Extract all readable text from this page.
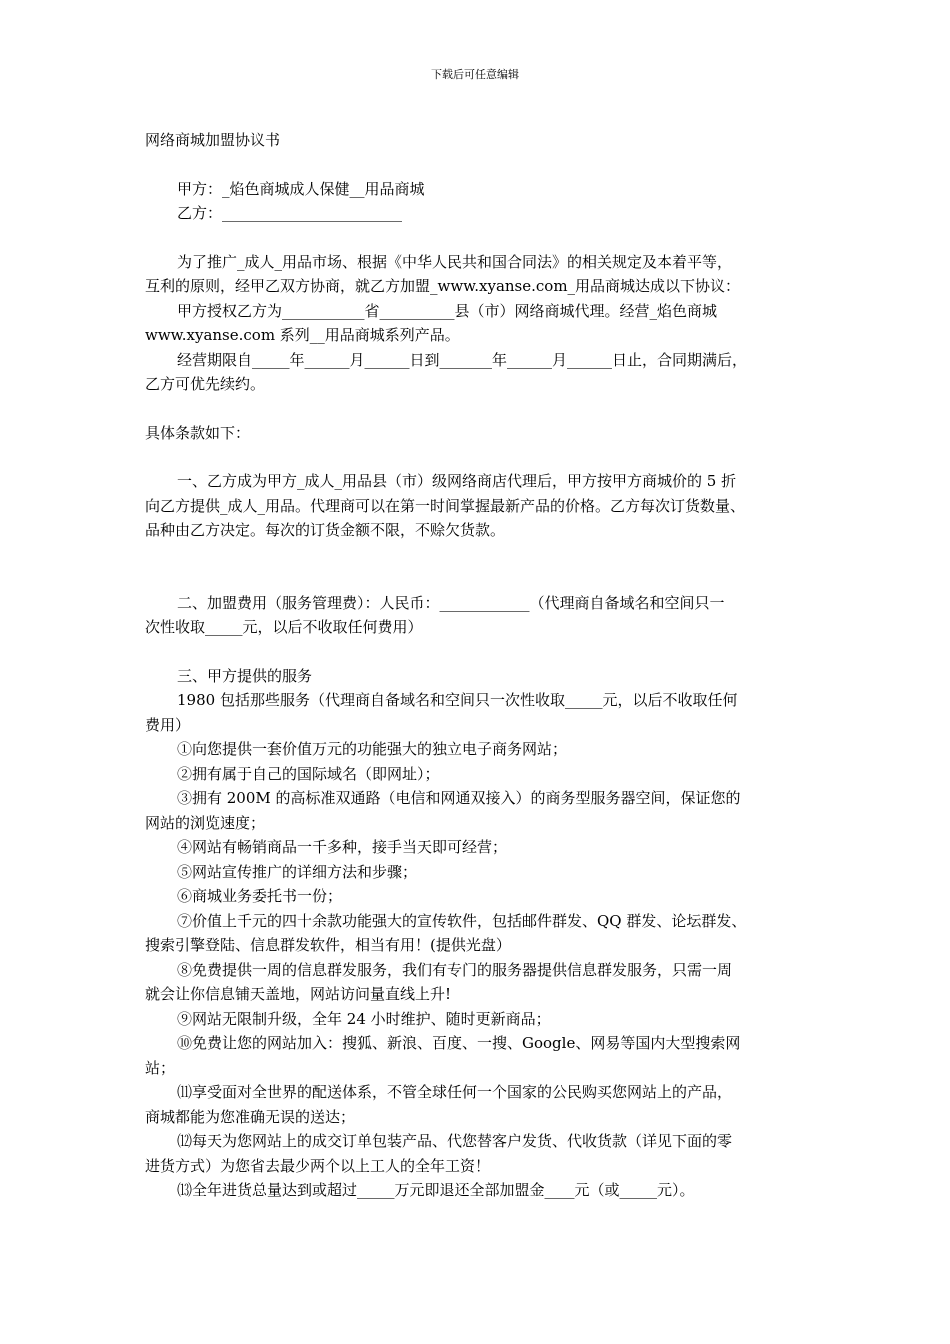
下载后可任意编辑

网络商城加盟协议书

甲方：_焰色商城成人保健__用品商城

乙方：________________________

为了推广_成人_用品市场、根据《中华人民共和国合同法》的相关规定及本着平等，

互利的原则，经甲乙双方协商，就乙方加盟_www.xyanse.com_用品商城达成以下协议：

甲方授权乙方为___________省__________县（市）网络商城代理。经营_焰色商城

www.xyanse.com 系列__用品商城系列产品。

经营期限自_____年______月______日到_______年______月______日止，合同期满后，

乙方可优先续约。

具体条款如下：

一、乙方成为甲方_成人_用品县（市）级网络商店代理后，甲方按甲方商城价的 5 折

向乙方提供_成人_用品。代理商可以在第一时间掌握最新产品的价格。乙方每次订货数量、

品种由乙方决定。每次的订货金额不限，不赊欠货款。

二、加盟费用（服务管理费）：人民币：____________（代理商自备域名和空间只一

次性收取_____元，以后不收取任何费用）

三、甲方提供的服务

1980 包括那些服务（代理商自备域名和空间只一次性收取_____元，以后不收取任何

费用）

①向您提供一套价值万元的功能强大的独立电子商务网站；

②拥有属于自己的国际域名（即网址）；

③拥有 200M 的高标准双通路（电信和网通双接入）的商务型服务器空间，保证您的

网站的浏览速度；

④网站有畅销商品一千多种，接手当天即可经营；

⑤网站宣传推广的详细方法和步骤；

⑥商城业务委托书一份；

⑦价值上千元的四十余款功能强大的宣传软件，包括邮件群发、QQ 群发、论坛群发、

搜索引擎登陆、信息群发软件，相当有用！(提供光盘）

⑧免费提供一周的信息群发服务，我们有专门的服务器提供信息群发服务，只需一周

就会让你信息铺天盖地，网站访问量直线上升!

⑨网站无限制升级，全年 24 小时维护、随时更新商品；

⑩免费让您的网站加入：搜狐、新浪、百度、一搜、Google、网易等国内大型搜索网

站；

⑾享受面对全世界的配送体系，不管全球任何一个国家的公民购买您网站上的产品，

商城都能为您准确无误的送达；

⑿每天为您网站上的成交订单包装产品、代您替客户发货、代收货款（详见下面的零

进货方式）为您省去最少两个以上工人的全年工资！

⒀全年进货总量达到或超过_____万元即退还全部加盟金____元（或_____元）。
